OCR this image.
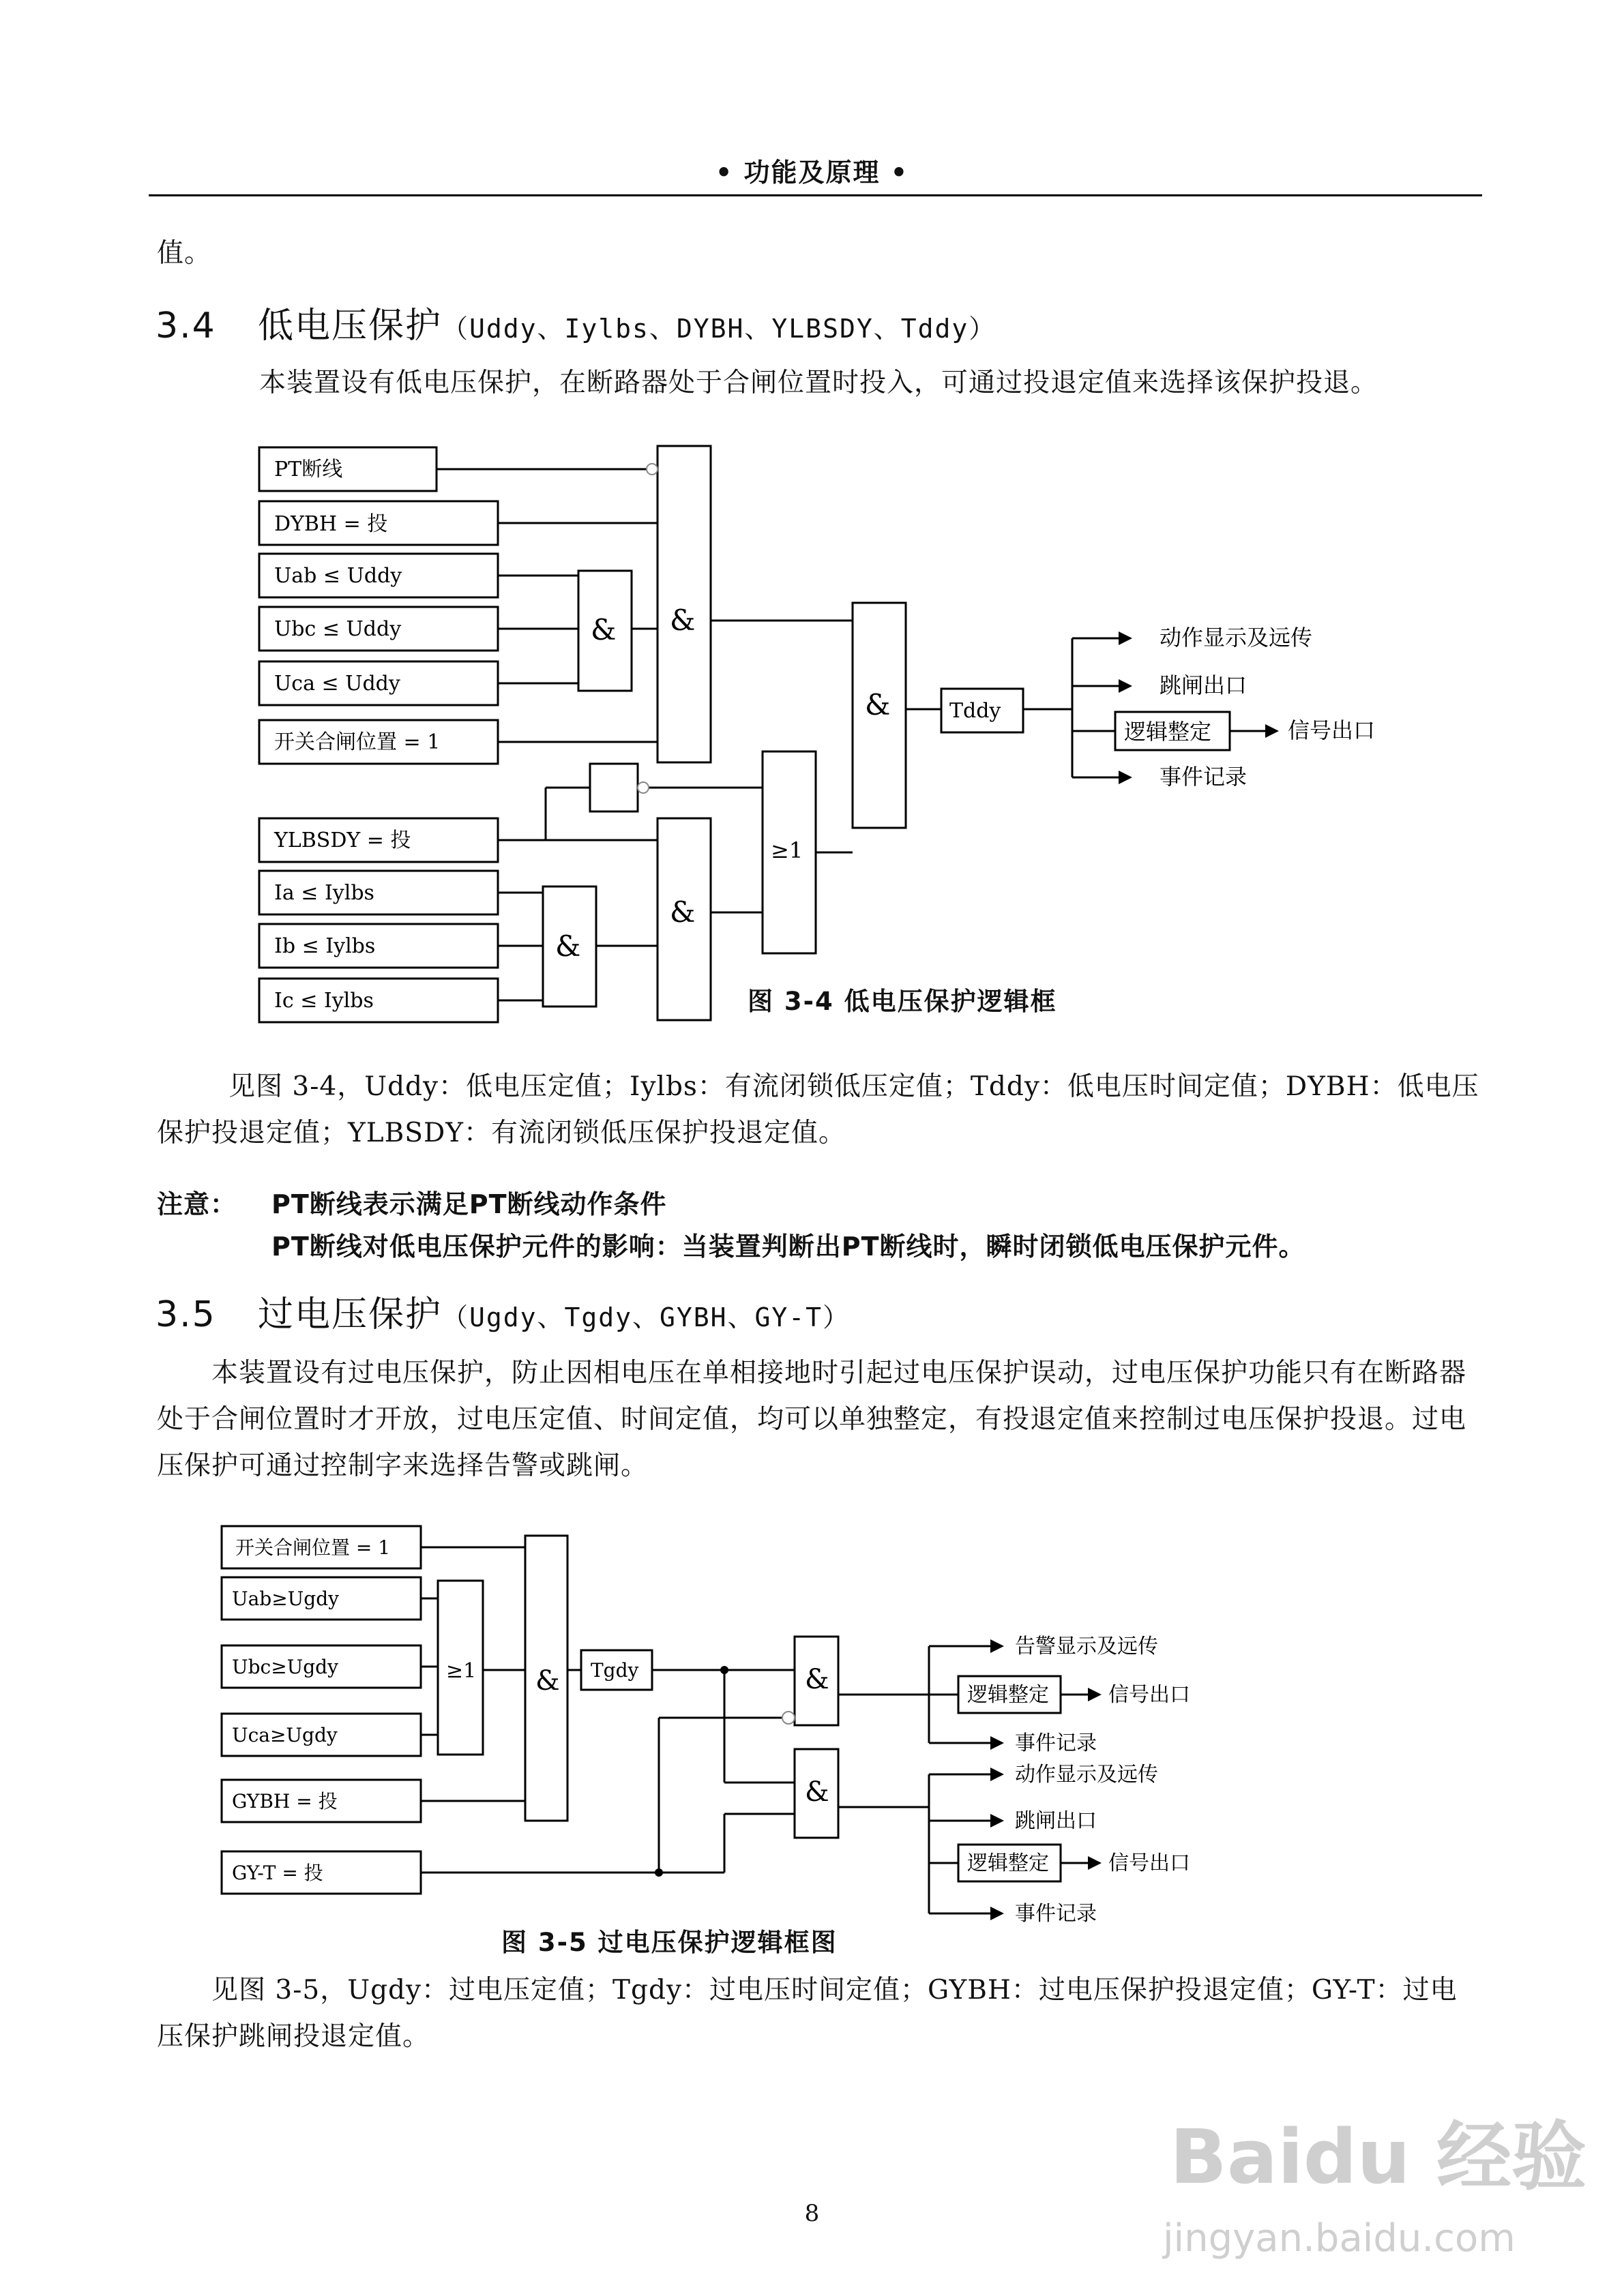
• 功能及原理 •
值。
3.4 低电压保护（Uddy、Iylbs、DYBH、YLBSDY、Tddy）
本装置设有低电压保护，在断路器处于合闸位置时投入，可通过投退定值来选择该保护投退。
PT断线
DYBH = 投
Uab ≤ Uddy
Ubc ≤ Uddy
Uca ≤ Uddy
开关合闸位置 = 1
YLBSDY = 投
Ia ≤ Iylbs
Ib ≤ Iylbs
Ic ≤ Iylbs
& &
&
&
&
≥1
Tddy
逻辑整定
动作显示及远传
跳闸出口
信号出口
事件记录
图 3-4 低电压保护逻辑框
见图 3-4，Uddy：低电压定值；Iylbs：有流闭锁低压定值；Tddy：低电压时间定值；DYBH：低电压保护投退定值；YLBSDY：有流闭锁低压保护投退定值。
注意： PT断线表示满足PT断线动作条件
PT断线对低电压保护元件的影响：当装置判断出PT断线时，瞬时闭锁低电压保护元件。
3.5 过电压保护（Ugdy、Tgdy、GYBH、GY-T）
本装置设有过电压保护，防止因相电压在单相接地时引起过电压保护误动，过电压保护功能只有在断路器处于合闸位置时才开放，过电压定值、时间定值，均可以单独整定，有投退定值来控制过电压保护投退。过电压保护可通过控制字来选择告警或跳闸。
开关合闸位置 = 1
Uab≥Ugdy
Ubc≥Ugdy
Uca≥Ugdy
GYBH = 投
GY-T = 投
≥1 &	&
&
Tgdy
逻辑整定
逻辑整定
告警显示及远传
信号出口
事件记录
动作显示及远传
跳闸出口
信号出口
事件记录
图 3-5 过电压保护逻辑框图
见图 3-5，Ugdy：过电压定值；Tgdy：过电压时间定值；GYBH：过电压保护投退定值；GY-T：过电压保护跳闸投退定值。
8
Baidu 经验
jingyan.baidu.com
